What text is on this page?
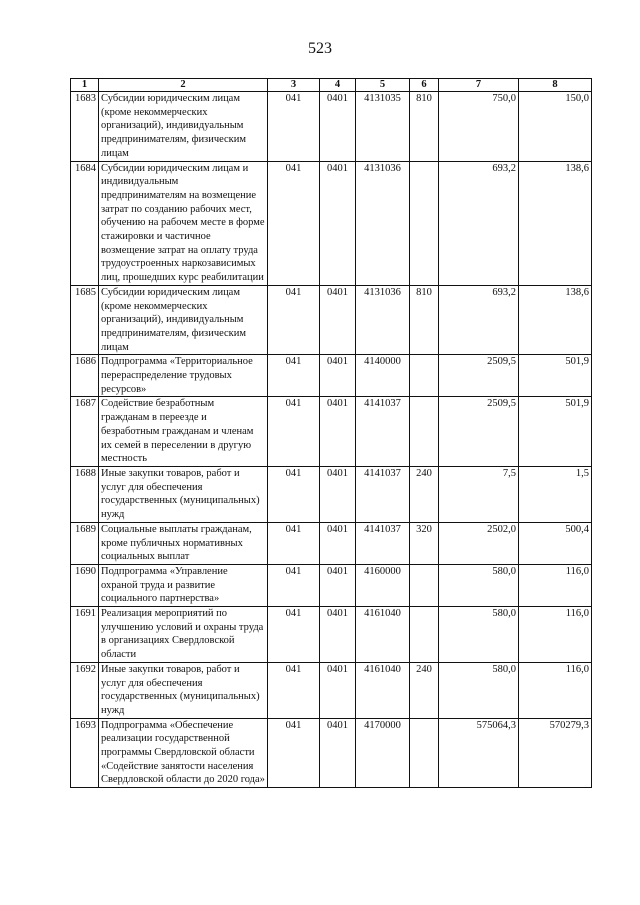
523
1	2	3	4	5	6	7	8
1683	Субсидии юридическим лицам (кроме некоммерческих организаций), индивидуальным предпринимателям, физическим лицам	041	0401	4131035	810	750,0	150,0
1684	Субсидии юридическим лицам и индивидуальным предпринимателям на возмещение затрат по созданию рабочих мест, обучению на рабочем месте в форме стажировки и частичное возмещение затрат на оплату труда трудоустроенных наркозависимых лиц, прошедших курс реабилитации	041	0401	4131036		693,2	138,6
1685	Субсидии юридическим лицам (кроме некоммерческих организаций), индивидуальным предпринимателям, физическим лицам	041	0401	4131036	810	693,2	138,6
1686	Подпрограмма «Территориальное перераспределение трудовых ресурсов»	041	0401	4140000		2509,5	501,9
1687	Содействие безработным гражданам в переезде и безработным гражданам и членам их семей в переселении в другую местность	041	0401	4141037		2509,5	501,9
1688	Иные закупки товаров, работ и услуг для обеспечения государственных (муниципальных) нужд	041	0401	4141037	240	7,5	1,5
1689	Социальные выплаты гражданам, кроме публичных нормативных социальных выплат	041	0401	4141037	320	2502,0	500,4
1690	Подпрограмма «Управление охраной труда и развитие социального партнерства»	041	0401	4160000		580,0	116,0
1691	Реализация мероприятий по улучшению условий и охраны труда в организациях Свердловской области	041	0401	4161040		580,0	116,0
1692	Иные закупки товаров, работ и услуг для обеспечения государственных (муниципальных) нужд	041	0401	4161040	240	580,0	116,0
1693	Подпрограмма «Обеспечение реализации государственной программы Свердловской области «Содействие занятости населения Свердловской области до 2020 года»	041	0401	4170000		575064,3	570279,3
